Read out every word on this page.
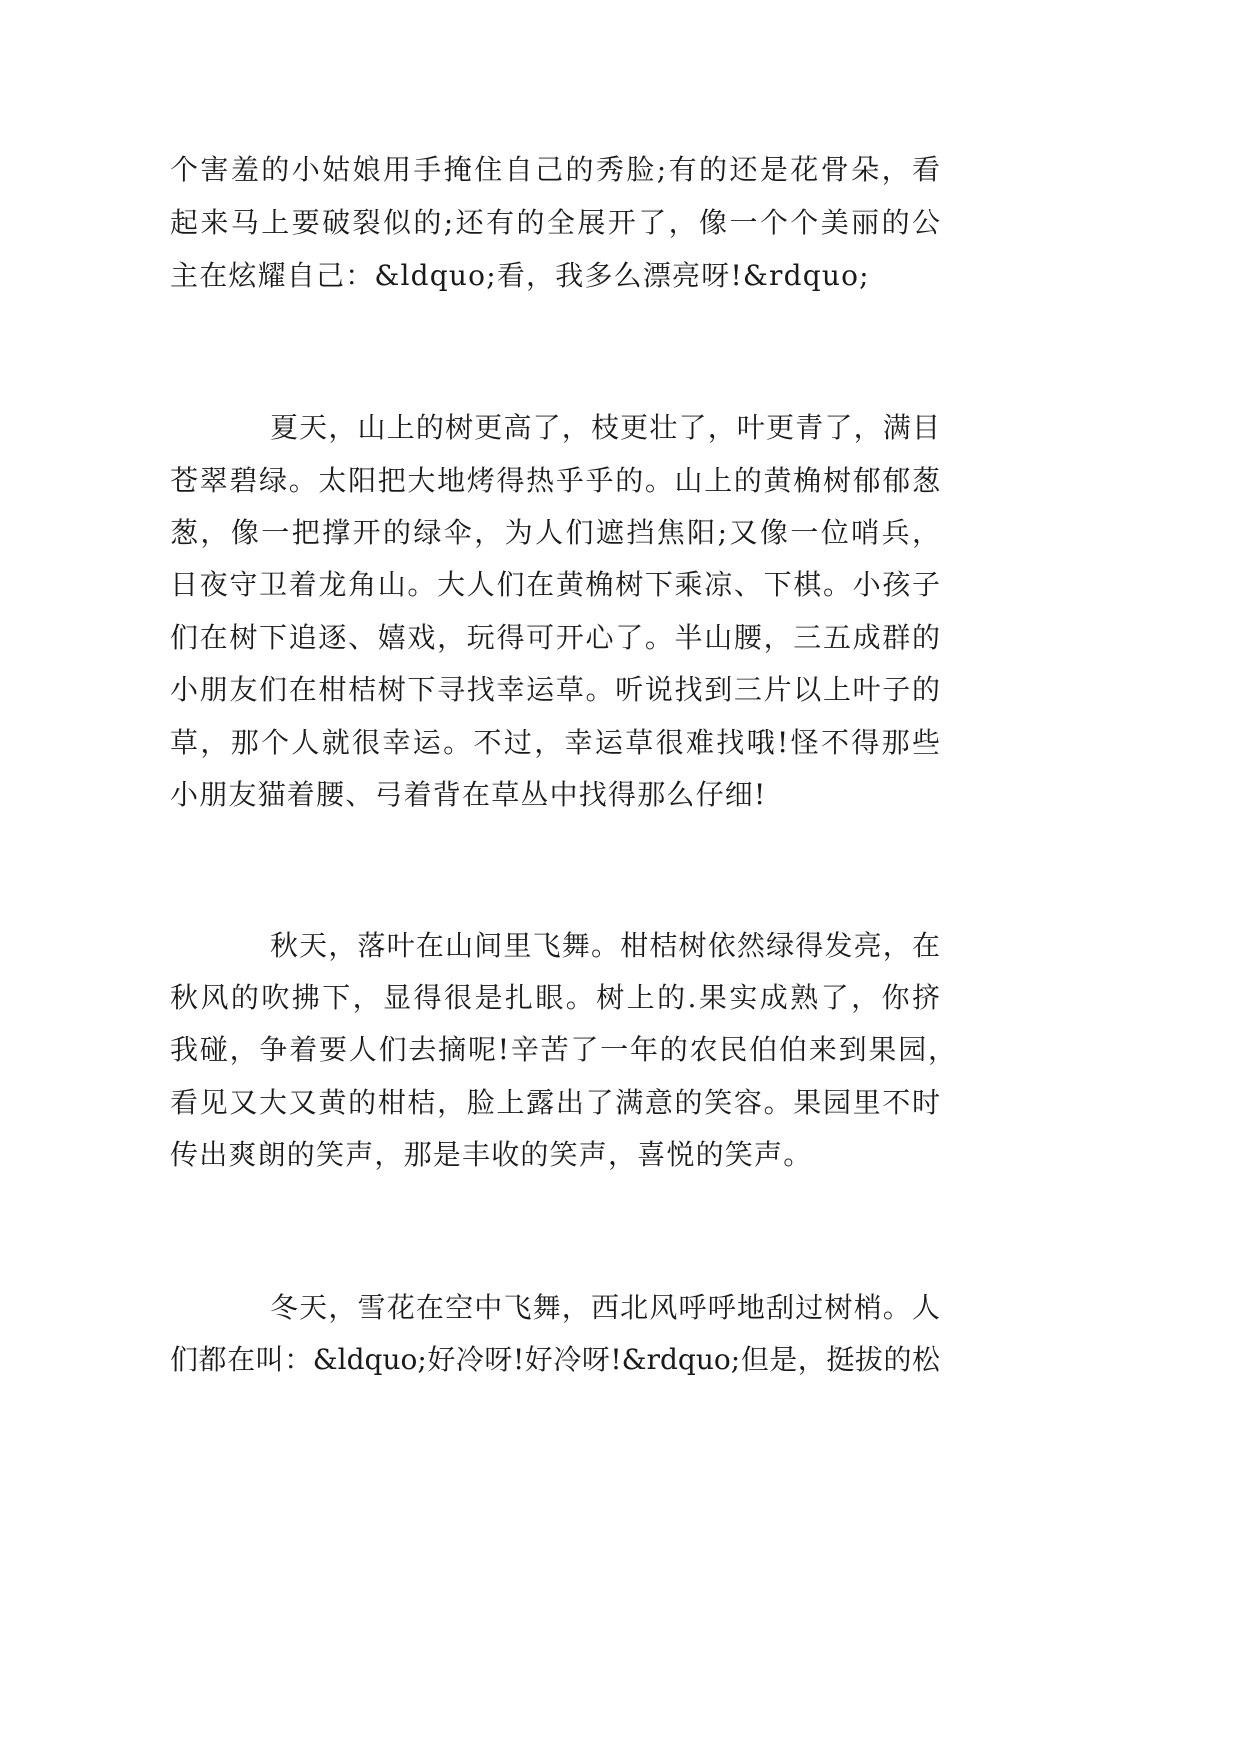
个害羞的小姑娘用手掩住自己的秀脸;有的还是花骨朵，看
起来马上要破裂似的;还有的全展开了，像一个个美丽的公
主在炫耀自己：&ldquo;看，我多么漂亮呀!&rdquo;
夏天，山上的树更高了，枝更壮了，叶更青了，满目
苍翠碧绿。太阳把大地烤得热乎乎的。山上的黄桷树郁郁葱
葱，像一把撑开的绿伞，为人们遮挡焦阳;又像一位哨兵，
日夜守卫着龙角山。大人们在黄桷树下乘凉、下棋。小孩子
们在树下追逐、嬉戏，玩得可开心了。半山腰，三五成群的
小朋友们在柑桔树下寻找幸运草。听说找到三片以上叶子的
草，那个人就很幸运。不过，幸运草很难找哦!怪不得那些
小朋友猫着腰、弓着背在草丛中找得那么仔细!
秋天，落叶在山间里飞舞。柑桔树依然绿得发亮，在
秋风的吹拂下，显得很是扎眼。树上的.果实成熟了，你挤
我碰，争着要人们去摘呢!辛苦了一年的农民伯伯来到果园，
看见又大又黄的柑桔，脸上露出了满意的笑容。果园里不时
传出爽朗的笑声，那是丰收的笑声，喜悦的笑声。
冬天，雪花在空中飞舞，西北风呼呼地刮过树梢。人
们都在叫：&ldquo;好冷呀!好冷呀!&rdquo;但是，挺拔的松
